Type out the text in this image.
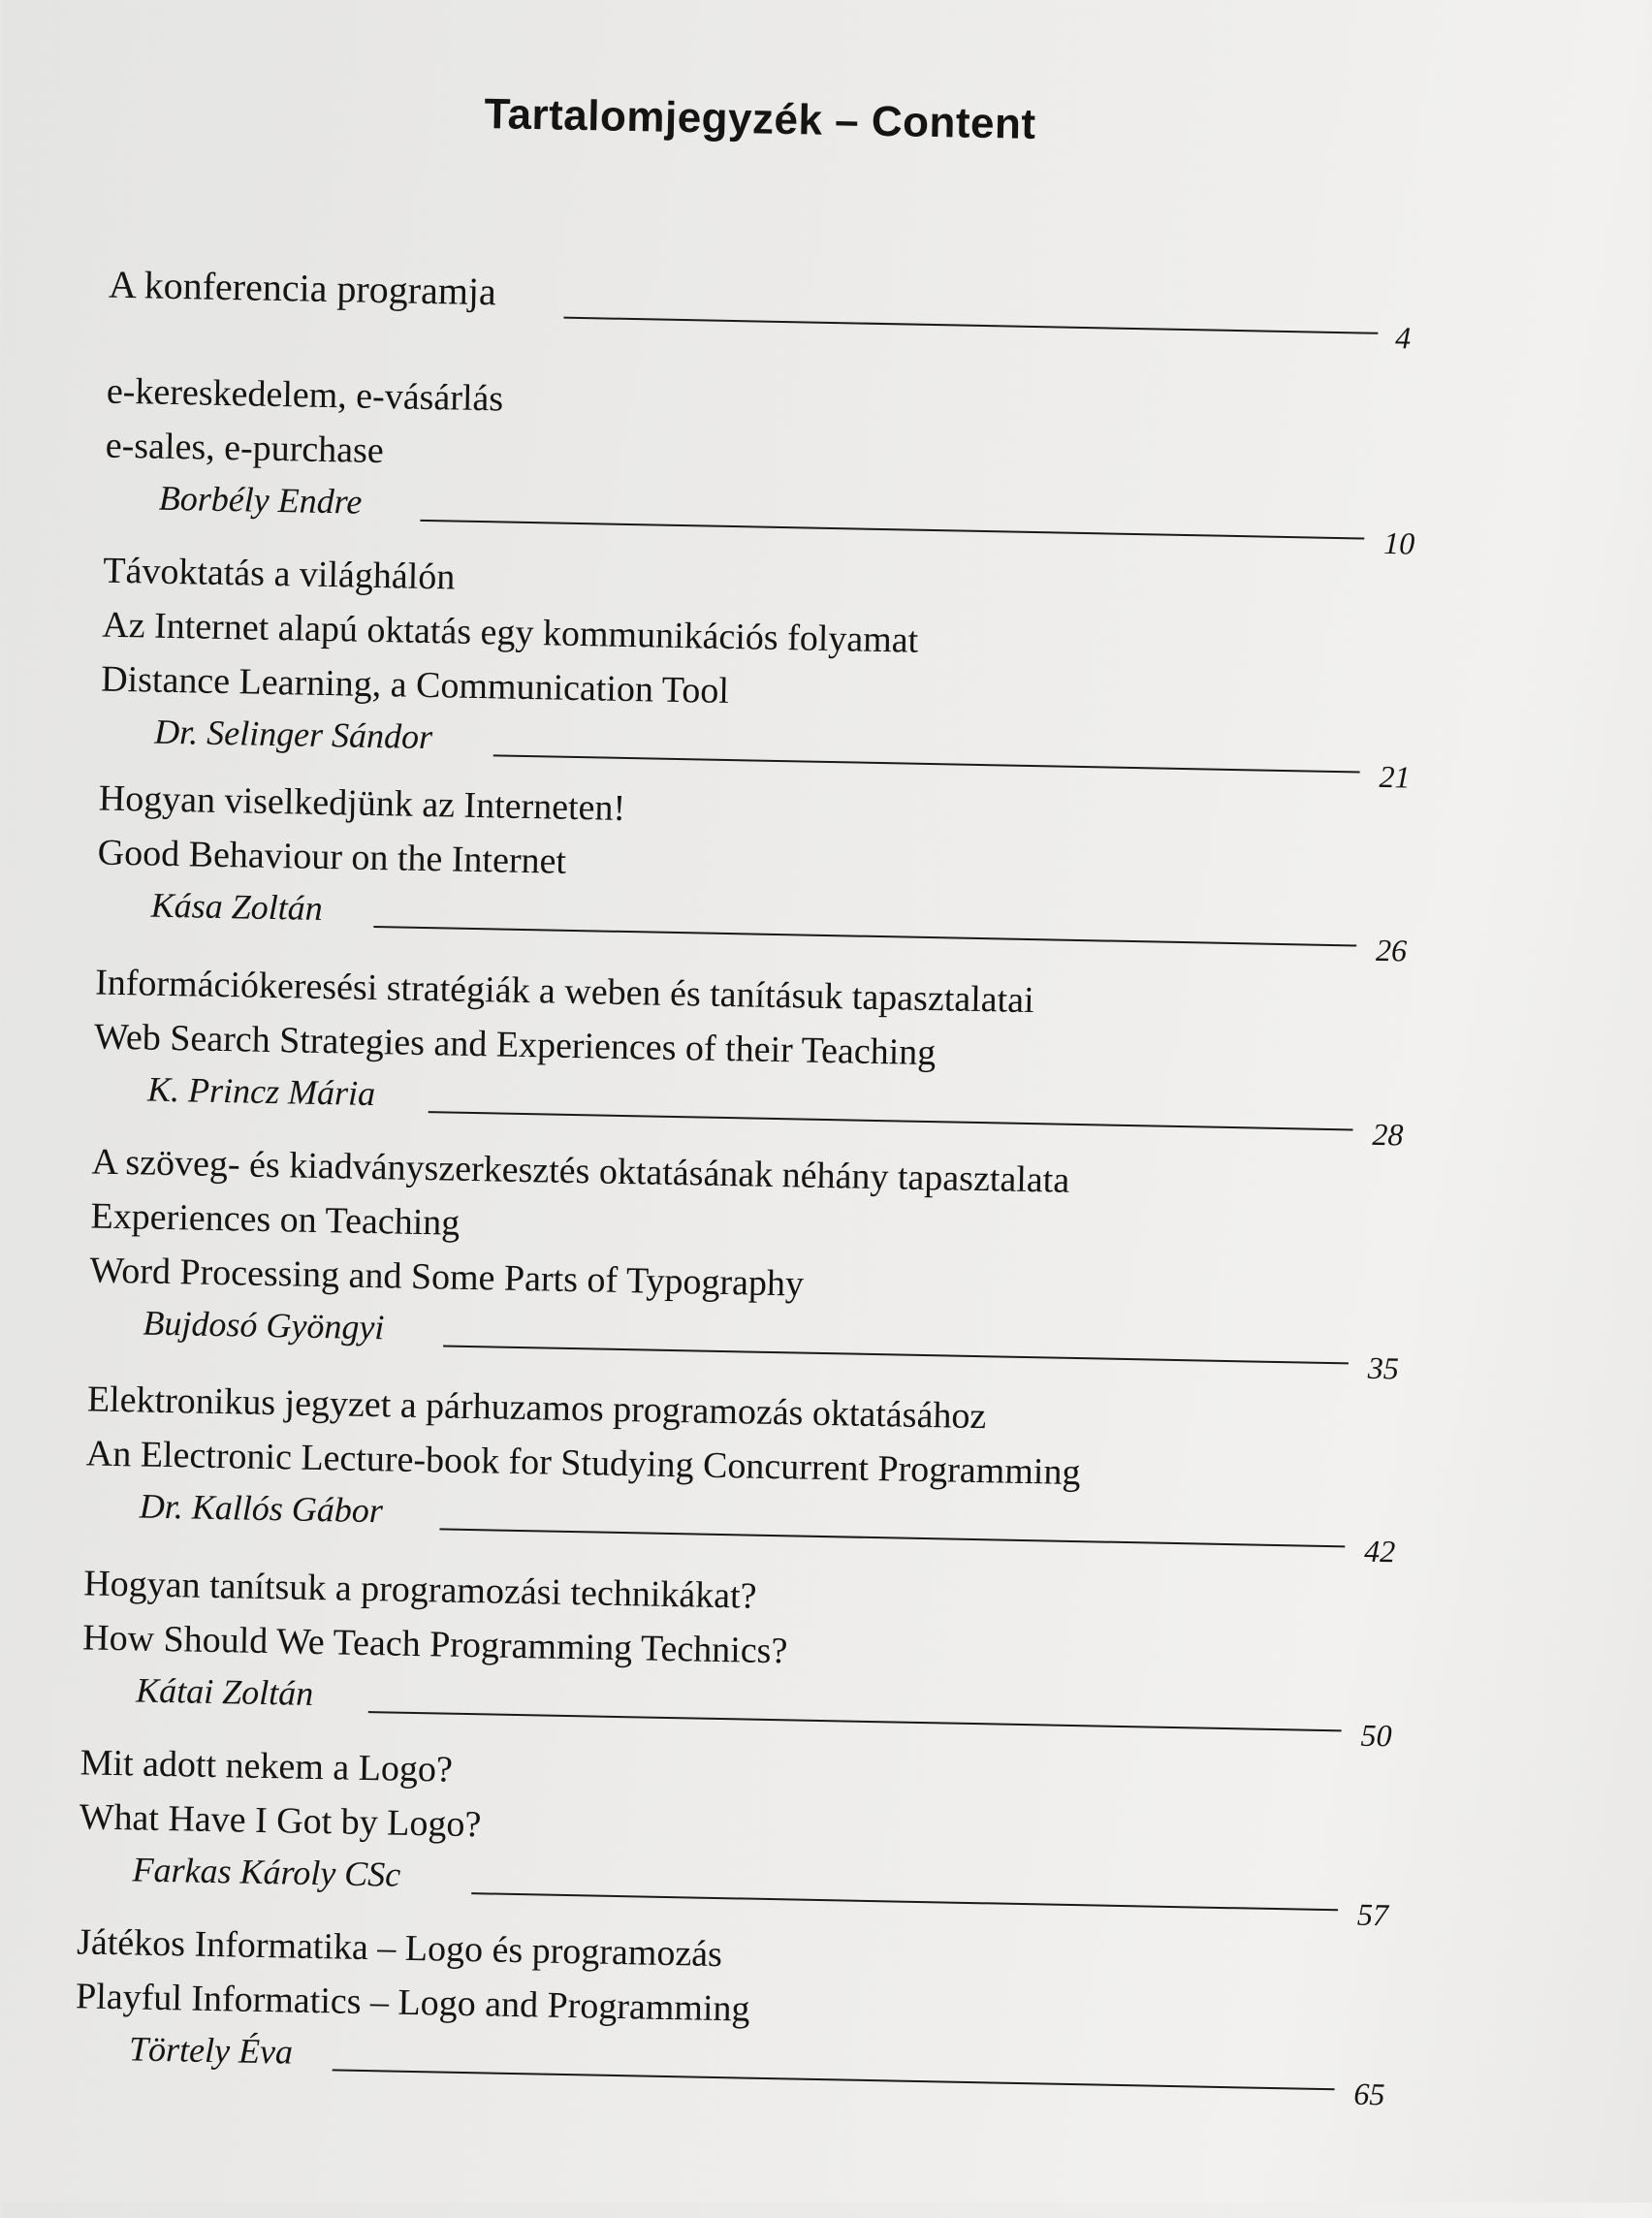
Tartalomjegyzék – Content
A konferencia programja
4
e-kereskedelem, e-vásárlás
e-sales, e-purchase
Borbély Endre
10
Távoktatás a világhálón
Az Internet alapú oktatás egy kommunikációs folyamat
Distance Learning, a Communication Tool
Dr. Selinger Sándor
21
Hogyan viselkedjünk az Interneten!
Good Behaviour on the Internet
Kása Zoltán
26
Információkeresési stratégiák a weben és tanításuk tapasztalatai
Web Search Strategies and Experiences of their Teaching
K. Princz Mária
28
A szöveg- és kiadványszerkesztés oktatásának néhány tapasztalata
Experiences on Teaching
Word Processing and Some Parts of Typography
Bujdosó Gyöngyi
35
Elektronikus jegyzet a párhuzamos programozás oktatásához
An Electronic Lecture-book for Studying Concurrent Programming
Dr. Kallós Gábor
42
Hogyan tanítsuk a programozási technikákat?
How Should We Teach Programming Technics?
Kátai Zoltán
50
Mit adott nekem a Logo?
What Have I Got by Logo?
Farkas Károly CSc
57
Játékos Informatika – Logo és programozás
Playful Informatics – Logo and Programming
Törtely Éva
65
